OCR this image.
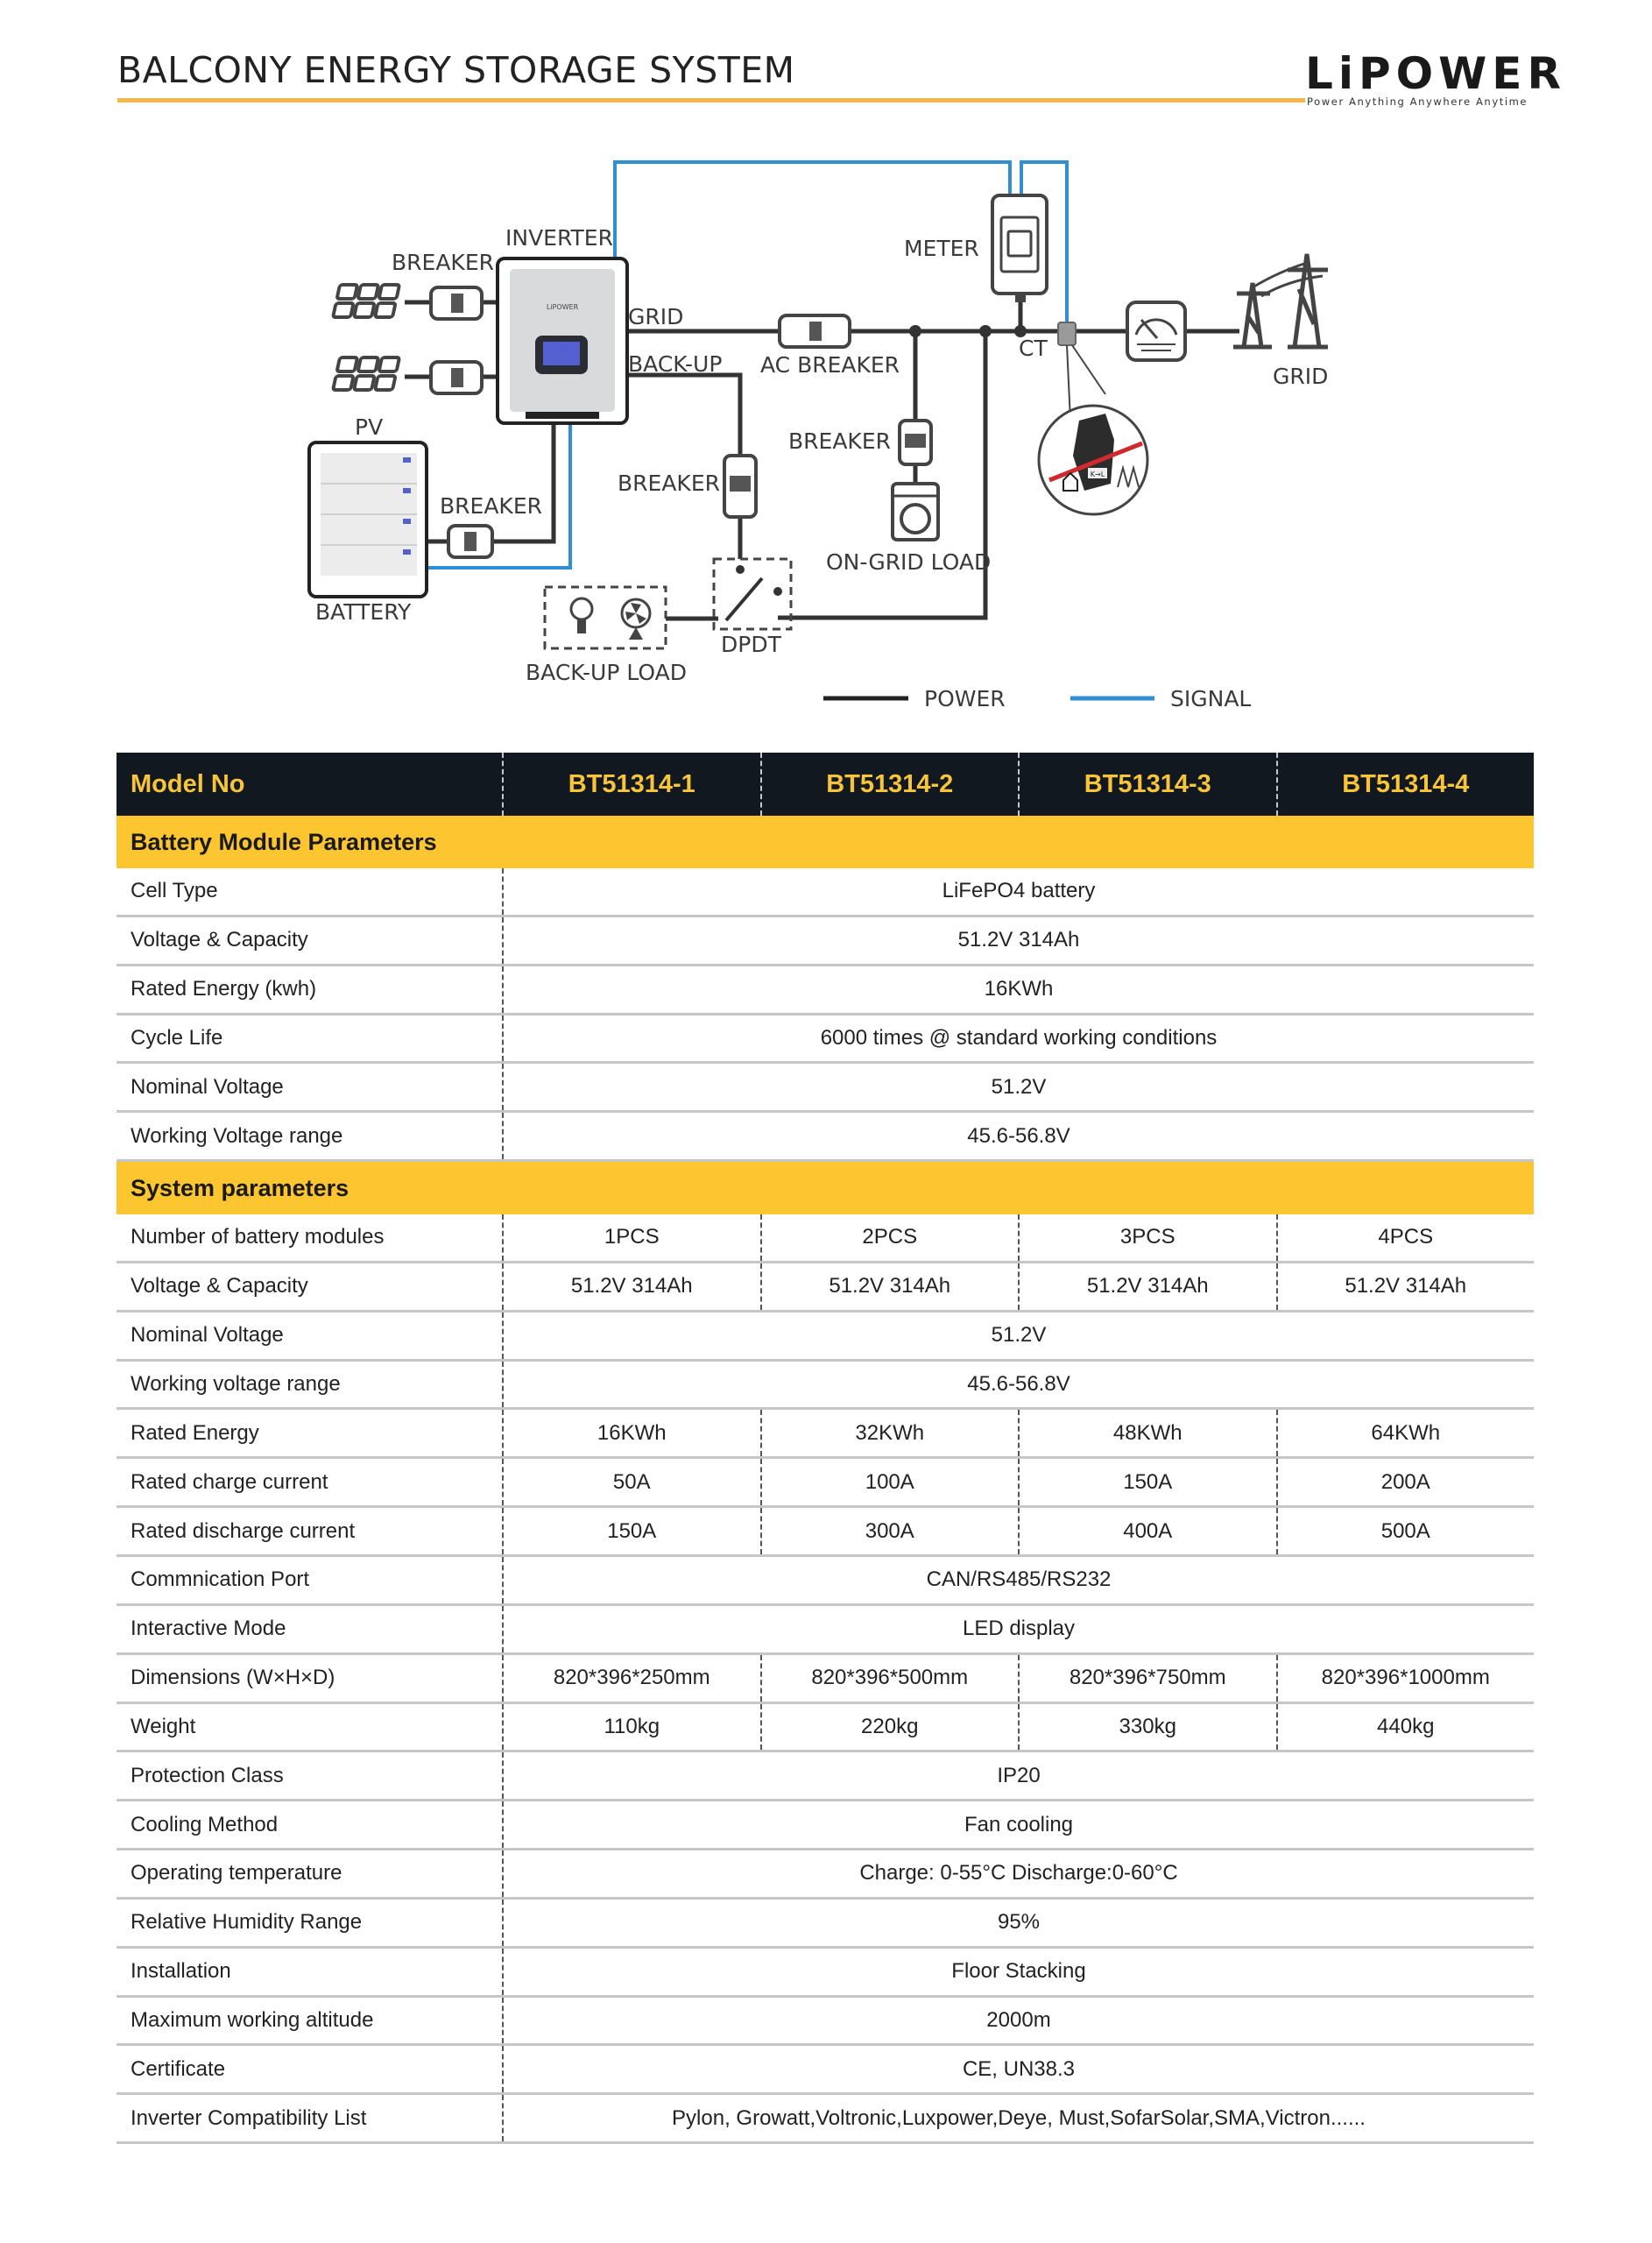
BALCONY ENERGY STORAGE SYSTEM	LiPOWER
Power Anything Anywhere Anytime
LiPOWER
K→L
BREAKER
INVERTER
GRID
BACK-UP
PV
BATTERY
BREAKER
AC BREAKER
METER
CT
GRID
BREAKER
BREAKER
ON-GRID LOAD
DPDT
BACK-UP LOAD
POWER	SIGNAL
Model No	BT51314-1	BT51314-2	BT51314-3	BT51314-4
Battery Module Parameters
Cell Type	LiFePO4 battery
Voltage & Capacity	51.2V 314Ah
Rated Energy (kwh)	16KWh
Cycle Life	6000 times @ standard working conditions
Nominal Voltage	51.2V
Working Voltage range	45.6-56.8V
System parameters
Number of battery modules	1PCS	2PCS	3PCS	4PCS
Voltage & Capacity	51.2V 314Ah	51.2V 314Ah	51.2V 314Ah	51.2V 314Ah
Nominal Voltage	51.2V
Working voltage range	45.6-56.8V
Rated Energy	16KWh	32KWh	48KWh	64KWh
Rated charge current	50A	100A	150A	200A
Rated discharge current	150A	300A	400A	500A
Commnication Port	CAN/RS485/RS232
Interactive Mode	LED display
Dimensions (W×H×D)	820*396*250mm	820*396*500mm	820*396*750mm	820*396*1000mm
Weight	110kg	220kg	330kg	440kg
Protection Class	IP20
Cooling Method	Fan cooling
Operating temperature	Charge: 0-55°C Discharge:0-60°C
Relative Humidity Range	95%
Installation	Floor Stacking
Maximum working altitude	2000m
Certificate	CE, UN38.3
Inverter Compatibility List	Pylon, Growatt,Voltronic,Luxpower,Deye, Must,SofarSolar,SMA,Victron......
